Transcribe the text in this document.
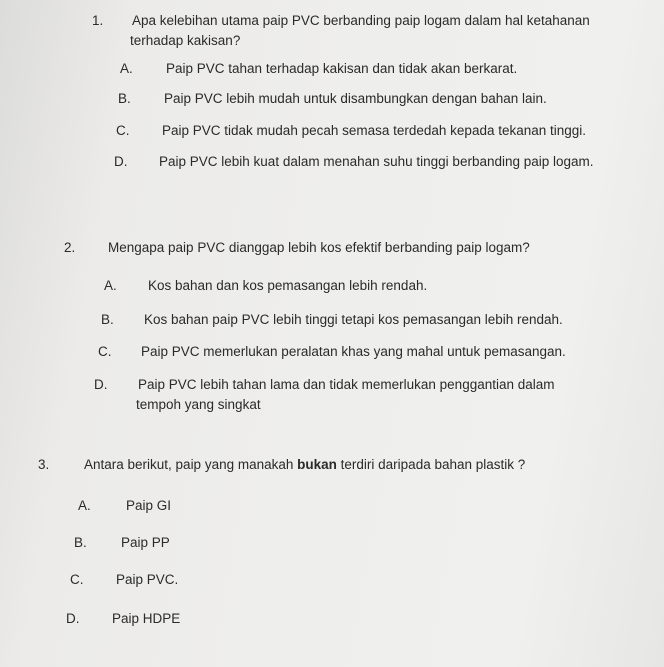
1. Apa kelebihan utama paip PVC berbanding paip logam dalam hal ketahanan
terhadap kakisan?
A. Paip PVC tahan terhadap kakisan dan tidak akan berkarat.
B. Paip PVC lebih mudah untuk disambungkan dengan bahan lain.
C. Paip PVC tidak mudah pecah semasa terdedah kepada tekanan tinggi.
D. Paip PVC lebih kuat dalam menahan suhu tinggi berbanding paip logam.
2. Mengapa paip PVC dianggap lebih kos efektif berbanding paip logam?
A. Kos bahan dan kos pemasangan lebih rendah.
B. Kos bahan paip PVC lebih tinggi tetapi kos pemasangan lebih rendah.
C. Paip PVC memerlukan peralatan khas yang mahal untuk pemasangan.
D. Paip PVC lebih tahan lama dan tidak memerlukan penggantian dalam
tempoh yang singkat
3.	Antara berikut, paip yang manakah bukan terdiri daripada bahan plastik ?
A.	Paip GI
B.	Paip PP
C. Paip PVC.
D. Paip HDPE
